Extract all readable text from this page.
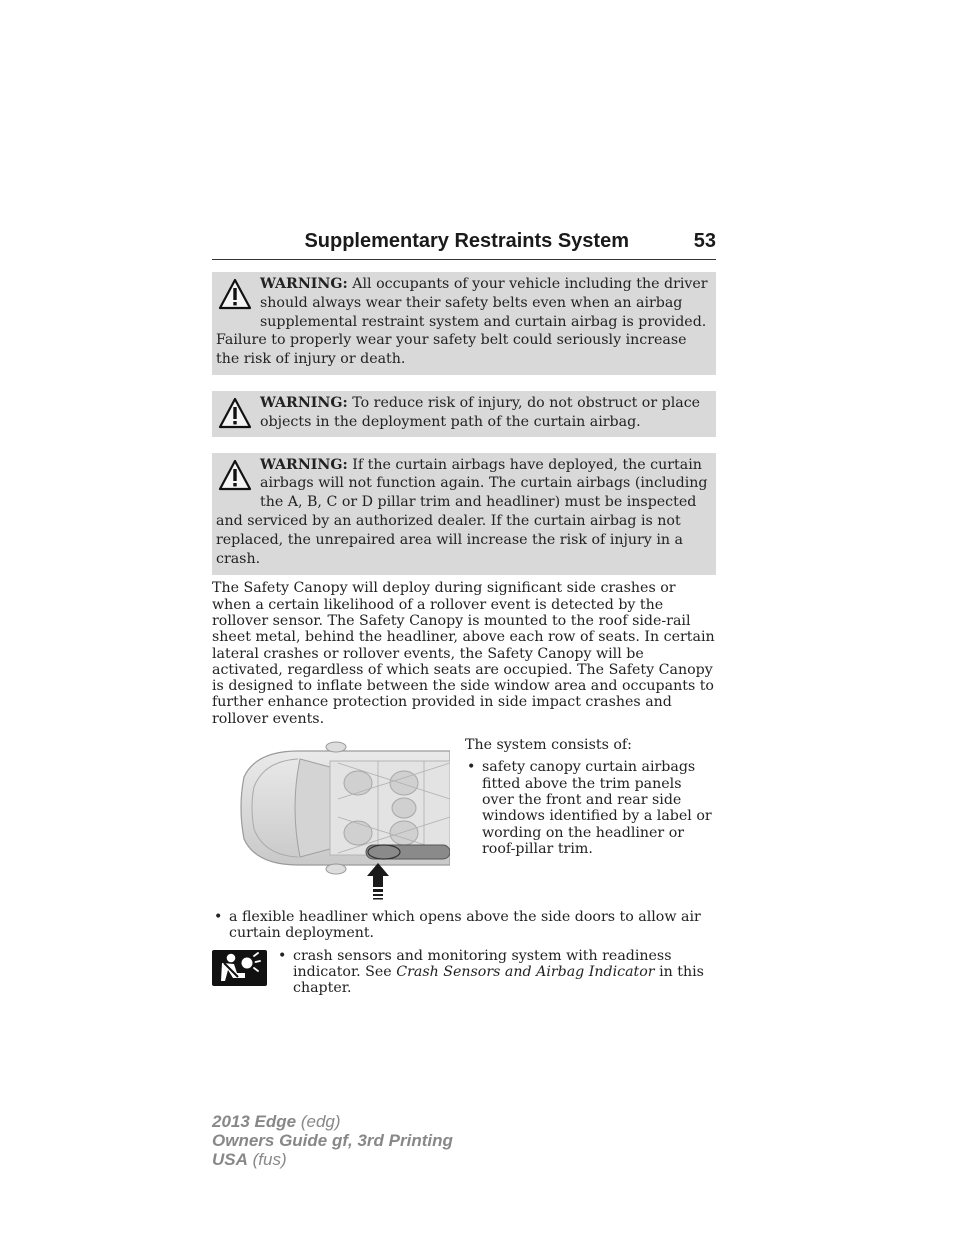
Supplementary Restraints System	53
WARNING: All occupants of your vehicle including the driver should always wear their safety belts even when an airbag supplemental restraint system and curtain airbag is provided. Failure to properly wear your safety belt could seriously increase the risk of injury or death.
WARNING: To reduce risk of injury, do not obstruct or place objects in the deployment path of the curtain airbag.
WARNING: If the curtain airbags have deployed, the curtain airbags will not function again. The curtain airbags (including the A, B, C or D pillar trim and headliner) must be inspected and serviced by an authorized dealer. If the curtain airbag is not replaced, the unrepaired area will increase the risk of injury in a crash.
The Safety Canopy will deploy during significant side crashes or when a certain likelihood of a rollover event is detected by the rollover sensor. The Safety Canopy is mounted to the roof side-rail sheet metal, behind the headliner, above each row of seats. In certain lateral crashes or rollover events, the Safety Canopy will be activated, regardless of which seats are occupied. The Safety Canopy is designed to inflate between the side window area and occupants to further enhance protection provided in side impact crashes and rollover events.
The system consists of:
• safety canopy curtain airbags fitted above the trim panels over the front and rear side windows identified by a label or wording on the headliner or roof-pillar trim.
• a flexible headliner which opens above the side doors to allow air curtain deployment.
• crash sensors and monitoring system with readiness indicator. See Crash Sensors and Airbag Indicator in this chapter.
2013 Edge (edg)
Owners Guide gf, 3rd Printing
USA (fus)
